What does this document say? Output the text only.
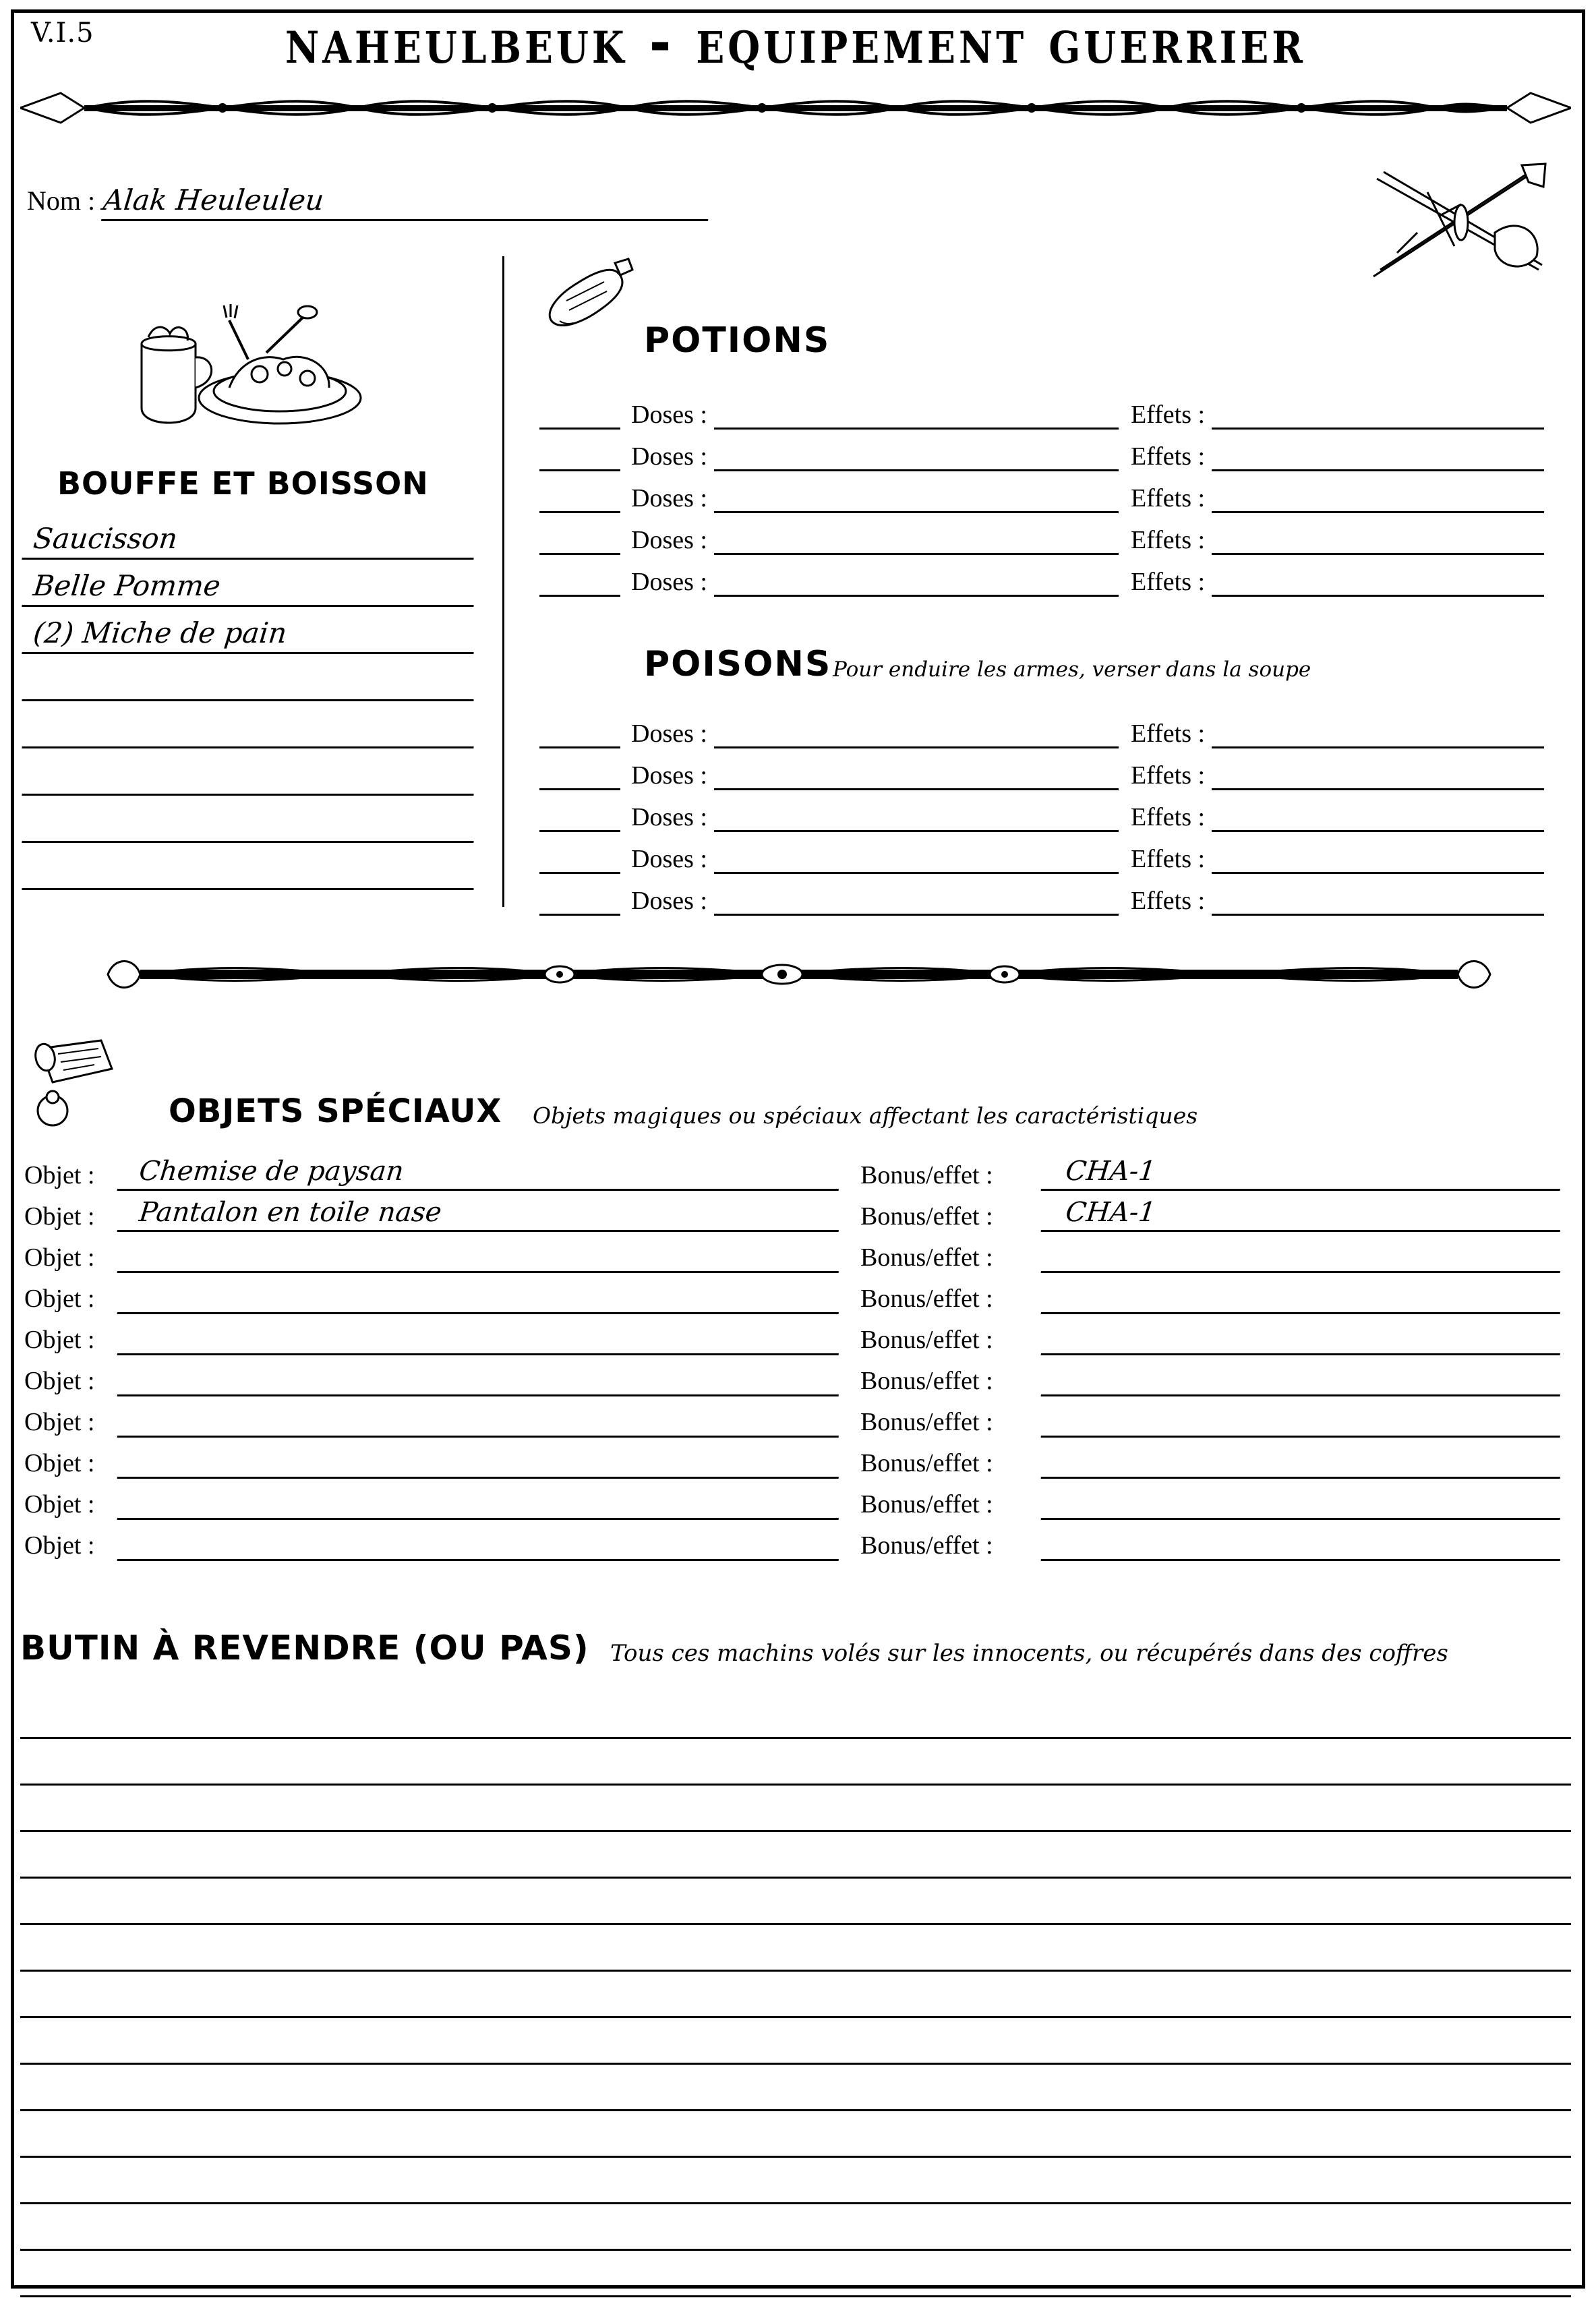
V.I.5	naheulbeuk - equipement guerrier
Nom : Alak Heuleuleu
BOUFFE ET BOISSON
Saucisson
Belle Pomme
(2) Miche de pain
POTIONS
Doses :	Effets :
Doses :	Effets :
Doses :	Effets :
Doses :	Effets :
Doses :	Effets :
POISONS Pour enduire les armes, verser dans la soupe
Doses :	Effets :
Doses :	Effets :
Doses :	Effets :
Doses :	Effets :
Doses :	Effets :
OBJETS SPÉCIAUX Objets magiques ou spéciaux affectant les caractéristiques
Objet :	Chemise de paysan	Bonus/effet :	CHA-1
Objet :	Pantalon en toile nase	Bonus/effet :	CHA-1
Objet :	Bonus/effet :
Objet :	Bonus/effet :
Objet :	Bonus/effet :
Objet :	Bonus/effet :
Objet :	Bonus/effet :
Objet :	Bonus/effet :
Objet :	Bonus/effet :
Objet :	Bonus/effet :
BUTIN À REVENDRE (OU PAS) Tous ces machins volés sur les innocents, ou récupérés dans des coffres
